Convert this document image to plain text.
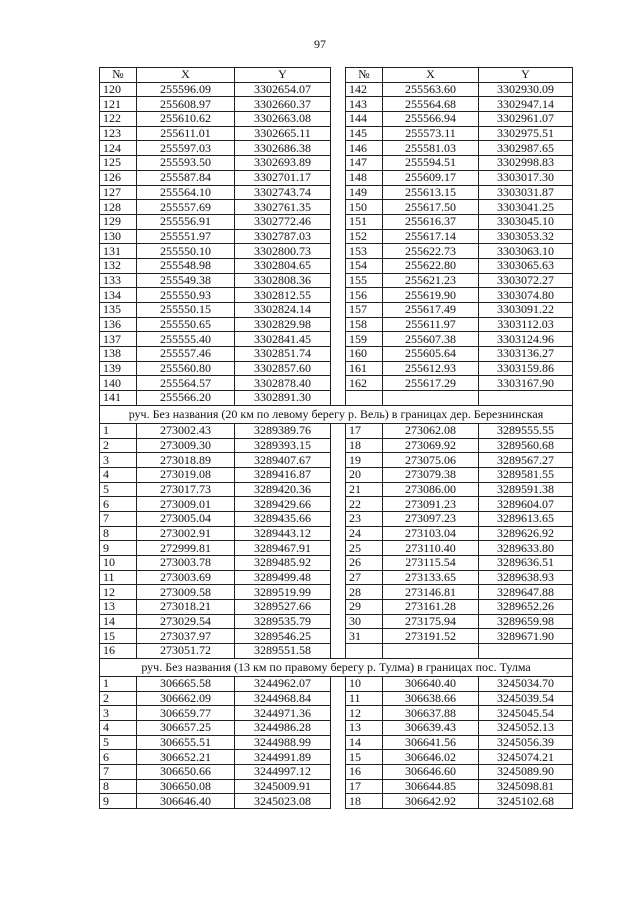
97
№	X	Y		№	X	Y
120	255596.09	3302654.07		142	255563.60	3302930.09
121	255608.97	3302660.37		143	255564.68	3302947.14
122	255610.62	3302663.08		144	255566.94	3302961.07
123	255611.01	3302665.11		145	255573.11	3302975.51
124	255597.03	3302686.38		146	255581.03	3302987.65
125	255593.50	3302693.89		147	255594.51	3302998.83
126	255587.84	3302701.17		148	255609.17	3303017.30
127	255564.10	3302743.74		149	255613.15	3303031.87
128	255557.69	3302761.35		150	255617.50	3303041.25
129	255556.91	3302772.46		151	255616.37	3303045.10
130	255551.97	3302787.03		152	255617.14	3303053.32
131	255550.10	3302800.73		153	255622.73	3303063.10
132	255548.98	3302804.65		154	255622.80	3303065.63
133	255549.38	3302808.36		155	255621.23	3303072.27
134	255550.93	3302812.55		156	255619.90	3303074.80
135	255550.15	3302824.14		157	255617.49	3303091.22
136	255550.65	3302829.98		158	255611.97	3303112.03
137	255555.40	3302841.45		159	255607.38	3303124.96
138	255557.46	3302851.74		160	255605.64	3303136.27
139	255560.80	3302857.60		161	255612.93	3303159.86
140	255564.57	3302878.40		162	255617.29	3303167.90
141	255566.20	3302891.30				
руч. Без названия (20 км по левому берегу р. Вель) в границах дер. Березнинская						
1	273002.43	3289389.76		17	273062.08	3289555.55
2	273009.30	3289393.15		18	273069.92	3289560.68
3	273018.89	3289407.67		19	273075.06	3289567.27
4	273019.08	3289416.87		20	273079.38	3289581.55
5	273017.73	3289420.36		21	273086.00	3289591.38
6	273009.01	3289429.66		22	273091.23	3289604.07
7	273005.04	3289435.66		23	273097.23	3289613.65
8	273002.91	3289443.12		24	273103.04	3289626.92
9	272999.81	3289467.91		25	273110.40	3289633.80
10	273003.78	3289485.92		26	273115.54	3289636.51
11	273003.69	3289499.48		27	273133.65	3289638.93
12	273009.58	3289519.99		28	273146.81	3289647.88
13	273018.21	3289527.66		29	273161.28	3289652.26
14	273029.54	3289535.79		30	273175.94	3289659.98
15	273037.97	3289546.25		31	273191.52	3289671.90
16	273051.72	3289551.58				
руч. Без названия (13 км по правому берегу р. Тулма) в границах пос. Тулма						
1	306665.58	3244962.07		10	306640.40	3245034.70
2	306662.09	3244968.84		11	306638.66	3245039.54
3	306659.77	3244971.36		12	306637.88	3245045.54
4	306657.25	3244986.28		13	306639.43	3245052.13
5	306655.51	3244988.99		14	306641.56	3245056.39
6	306652.21	3244991.89		15	306646.02	3245074.21
7	306650.66	3244997.12		16	306646.60	3245089.90
8	306650.08	3245009.91		17	306644.85	3245098.81
9	306646.40	3245023.08		18	306642.92	3245102.68
